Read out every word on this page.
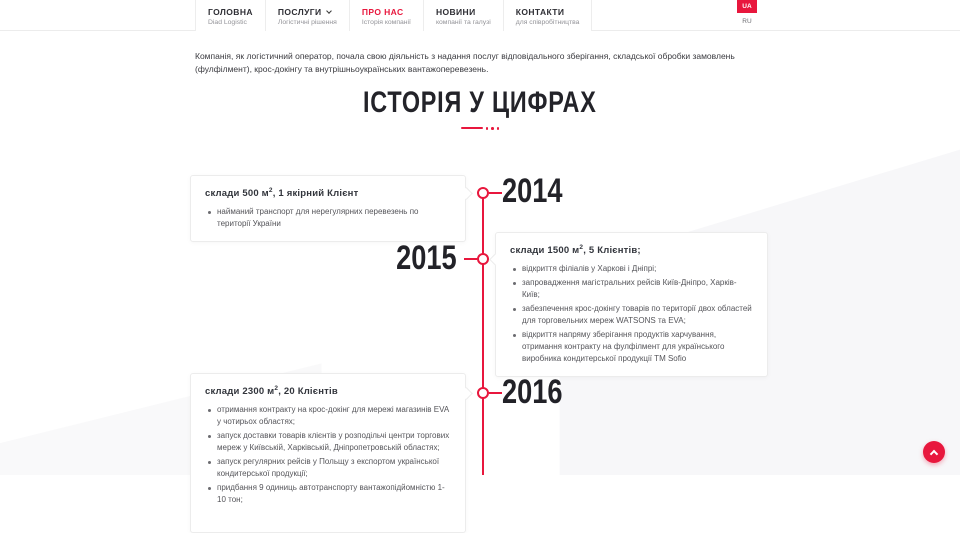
ГОЛОВНА
Diad Logistic
ПОСЛУГИ
Логістичні рішення
ПРО НАС
Історія компанії
НОВИНИ
компанії та галузі
КОНТАКТИ
для співробітництва
UA
RU
Компанія, як логістичний оператор, почала свою діяльність з надання послуг відповідального зберігання, складської обробки замовлень (фулфілмент), крос-докінгу та внутрішньоукраїнських вантажоперевезень.
ІСТОРІЯ У ЦИФРАХ
склади 500 $м^2$, 1 якірний Клієнт
найманий транспорт для нерегулярних перевезень по території України
2014
2015	склади 1500 $м^2$, 5 Клієнтів;
відкриття філіалів у Харкові і Дніпрі;
запровадження магістральних рейсів Київ-Дніпро, Харків-Київ;
забезпечення крос-докінгу товарів по території двох областей для торговельних мереж WATSONS та EVA;
відкриття напряму зберігання продуктів харчування, отримання контракту на фулфілмент для українського виробника кондитерської продукції TM Sofio
склади 2300 $м^2$, 20 Клієнтів
отримання контракту на крос-докінг для мережі магазинів EVA у чотирьох областях;
запуск доставки товарів клієнтів у розподільчі центри торгових мереж у Київській, Харківській, Дніпропетровській областях;
запуск регулярних рейсів у Польщу з експортом української кондитерської продукції;
придбання 9 одиниць автотранспорту вантажопідйомністю 1-10 тон;
2016
